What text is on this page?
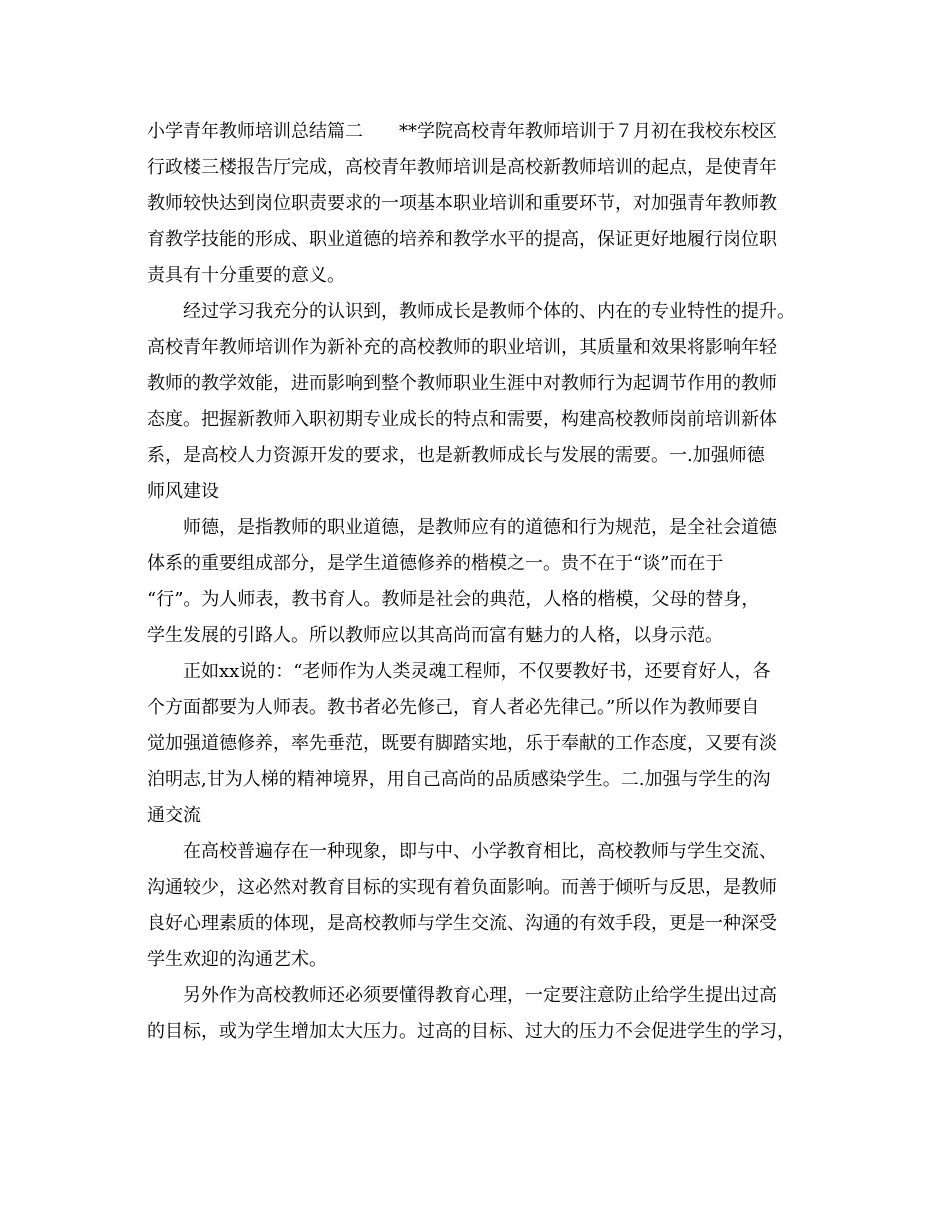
小学青年教师培训总结篇二　　**学院高校青年教师培训于７月初在我校东校区
行政楼三楼报告厅完成，高校青年教师培训是高校新教师培训的起点，是使青年
教师较快达到岗位职责要求的一项基本职业培训和重要环节，对加强青年教师教
育教学技能的形成、职业道德的培养和教学水平的提高，保证更好地履行岗位职
责具有十分重要的意义。
经过学习我充分的认识到，教师成长是教师个体的、内在的专业特性的提升。
高校青年教师培训作为新补充的高校教师的职业培训，其质量和效果将影响年轻
教师的教学效能，进而影响到整个教师职业生涯中对教师行为起调节作用的教师
态度。把握新教师入职初期专业成长的特点和需要，构建高校教师岗前培训新体
系，是高校人力资源开发的要求，也是新教师成长与发展的需要。一.加强师德
师风建设
师德，是指教师的职业道德，是教师应有的道德和行为规范，是全社会道德
体系的重要组成部分，是学生道德修养的楷模之一。贵不在于“谈”而在于
“行”。为人师表，教书育人。教师是社会的典范，人格的楷模，父母的替身，
学生发展的引路人。所以教师应以其高尚而富有魅力的人格，以身示范。
正如xx说的：“老师作为人类灵魂工程师，不仅要教好书，还要育好人，各
个方面都要为人师表。教书者必先修己，育人者必先律己。”所以作为教师要自
觉加强道德修养，率先垂范，既要有脚踏实地，乐于奉献的工作态度，又要有淡
泊明志,甘为人梯的精神境界，用自己高尚的品质感染学生。二.加强与学生的沟
通交流
在高校普遍存在一种现象，即与中、小学教育相比，高校教师与学生交流、
沟通较少，这必然对教育目标的实现有着负面影响。而善于倾听与反思，是教师
良好心理素质的体现，是高校教师与学生交流、沟通的有效手段，更是一种深受
学生欢迎的沟通艺术。
另外作为高校教师还必须要懂得教育心理，一定要注意防止给学生提出过高
的目标，或为学生增加太大压力。过高的目标、过大的压力不会促进学生的学习，
